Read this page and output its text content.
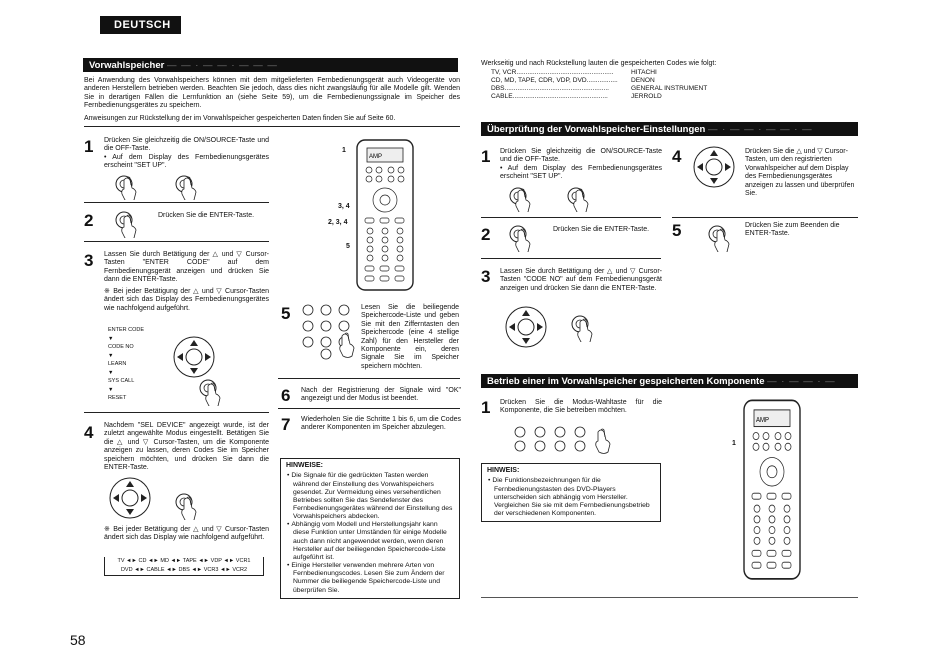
DEUTSCH
Vorwahlspeicher — — · — — · — — —
Bei Anwendung des Vorwahlspeichers können mit dem mitgelieferten Fernbedienungsgerät auch Videogeräte von anderen Herstellern betrieben werden. Beachten Sie jedoch, dass dies nicht zwangsläufig für alle Modelle gilt. Wenden Sie in derartigen Fällen die Lernfunktion an (siehe Seite 59), um die Fernbedienungssignale im Speicher des Fernbedienungsgerätes zu speichern.
Anweisungen zur Rückstellung der im Vorwahlspeicher gespeicherten Daten finden Sie auf Seite 60.
1 Drücken Sie gleichzeitig die ON/SOURCE-Taste und die OFF-Taste.
• Auf dem Display des Fernbedienungsgerätes erscheint "SET UP".
2	Drücken Sie die ENTER-Taste.
3 Lassen Sie durch Betätigung der △ und ▽ Cursor-Tasten "ENTER CODE" auf dem Fernbedienungsgerät anzeigen und drücken Sie dann die ENTER-Taste.
※ Bei jeder Betätigung der △ und ▽ Cursor-Tasten ändert sich das Display des Fernbedienungsgerätes wie nachfolgend aufgeführt.
ENTER CODE
▼
CODE NO
▼
LEARN
▼
SYS CALL
▼
RESET
4 Nachdem "SEL DEVICE" angezeigt wurde, ist der zuletzt angewählte Modus eingestellt. Betätigen Sie die △ und ▽ Cursor-Tasten, um die Komponente anzeigen zu lassen, deren Codes Sie im Speicher speichern möchten, und drücken Sie dann die ENTER-Taste.
※ Bei jeder Betätigung der △ und ▽ Cursor-Tasten ändert sich das Display wie nachfolgend aufgeführt.
TV ◄► CD ◄► MD ◄► TAPE ◄► VDP ◄► VCR1
DVD ◄► CABLE ◄► DBS ◄► VCR3 ◄► VCR2
1
3, 4
2, 3, 4
5
5	Lesen Sie die beiliegende Speichercode-Liste und geben Sie mit den Zifferntasten den Speichercode (eine 4 stellige Zahl) für den Hersteller der Komponente ein, deren Signale Sie im Speicher speichern möchten.
6 Nach der Registrierung der Signale wird "OK" angezeigt und der Modus ist beendet.
7 Wiederholen Sie die Schritte 1 bis 6, um die Codes anderer Komponenten im Speicher abzulegen.
HINWEISE:
• Die Signale für die gedrückten Tasten werden während der Einstellung des Vorwahlspeichers gesendet. Zur Vermeidung eines versehentlichen Betriebes sollten Sie das Sendefenster des Fernbedienungsgerätes während der Einstellung des Vorwahlspeichers abdecken.
• Abhängig vom Modell und Herstellungsjahr kann diese Funktion unter Umständen für einige Modelle auch dann nicht angewendet werden, wenn deren Hersteller auf der beiliegenden Speichercode-Liste aufgeführt ist.
• Einige Hersteller verwenden mehrere Arten von Fernbedienungscodes. Lesen Sie zum Ändern der Nummer die beiliegende Speichercode-Liste und überprüfen Sie.
Werkseitig und nach Rückstellung lauten die gespeicherten Codes wie folgt:
TV, VCR.....................................................	HITACHI
CD, MD, TAPE, CDR, VDP, DVD.................	DENON
DBS.........................................................	GENERAL INSTRUMENT
CABLE....................................................	JERROLD
Überprüfung der Vorwahlspeicher-Einstellungen — · — — · — — · —
1 Drücken Sie gleichzeitig die ON/SOURCE-Taste und die OFF-Taste.
• Auf dem Display des Fernbedienungsgerätes erscheint "SET UP".
2	Drücken Sie die ENTER-Taste.
3 Lassen Sie durch Betätigung der △ und ▽ Cursor-Tasten "CODE NO" auf dem Fernbedienungsgerät anzeigen und drücken Sie dann die ENTER-Taste.
4	Drücken Sie die △ und ▽ Cursor-Tasten, um den registrierten Vorwahlspeicher auf dem Display des Fernbedienungsgerätes anzeigen zu lassen und überprüfen Sie.
5	Drücken Sie zum Beenden die ENTER-Taste.
Betrieb einer im Vorwahlspeicher gespeicherten Komponente — · — — · —
1 Drücken Sie die Modus-Wahltaste für die Komponente, die Sie betreiben möchten.
HINWEIS:
• Die Funktionsbezeichnungen für die Fernbedienungstasten des DVD-Players unterscheiden sich abhängig vom Hersteller. Vergleichen Sie sie mit dem Fernbedienungsbetrieb der verschiedenen Komponenten.
1
58
